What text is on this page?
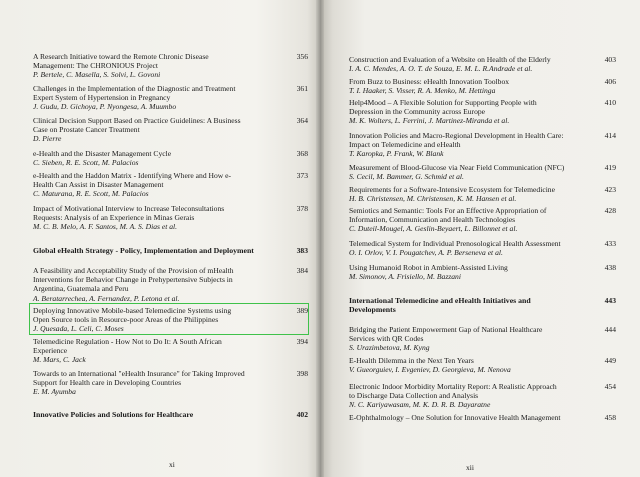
A Research Initiative toward the Remote Chronic Disease
Management: The CHRONIOUS Project
P. Bertele, C. Masella, S. Solvi, L. Govoni
356
Challenges in the Implementation of the Diagnostic and Treatment
Expert System of Hypertension in Pregnancy
J. Gudu, D. Gichoya, P. Nyongesa, A. Muumbo
361
Clinical Decision Support Based on Practice Guidelines: A Business
Case on Prostate Cancer Treatment
D. Pierre
364
e-Health and the Disaster Management Cycle
C. Sieben, R. E. Scott, M. Palacios
368
e-Health and the Haddon Matrix - Identifying Where and How e-
Health Can Assist in Disaster Management
C. Maturana, R. E. Scott, M. Palacios
373
Impact of Motivational Interview to Increase Teleconsultations
Requests: Analysis of an Experience in Minas Gerais
M. C. B. Melo, A. F. Santos, M. A. S. Dias et al.
378
Global eHealth Strategy - Policy, Implementation and Deployment	383
A Feasibility and Acceptability Study of the Provision of mHealth
Interventions for Behavior Change in Prehypertensive Subjects in
Argentina, Guatemala and Peru
A. Beratarrechea, A. Fernandez, P. Letona et al.
384
Deploying Innovative Mobile-based Telemedicine Systems using
Open Source tools in Resource-poor Areas of the Philippines
J. Quesada, L. Celi, C. Moses
389
Telemedicine Regulation - How Not to Do It: A South African
Experience
M. Mars, C. Jack
394
Towards to an International "eHealth Insurance" for Taking Improved
Support for Health care in Developing Countries
E. M. Ayumba
398
Innovative Policies and Solutions for Healthcare	402
xi
Construction and Evaluation of a Website on Health of the Elderly
I. A. C. Mendes, A. O. T. de Souza, E. M. L. R.Andrade et al.
403
From Buzz to Business: eHealth Innovation Toolbox
T. I. Haaker, S. Visser, R. A. Menko, M. Hettinga
406
Help4Mood – A Flexible Solution for Supporting People with
Depression in the Community across Europe
M. K. Wolters, L. Ferrini, J. Martinez-Miranda et al.
410
Innovation Policies and Macro-Regional Development in Health Care:
Impact on Telemedicine and eHealth
T. Karopka, P. Frank, W. Blank
414
Measurement of Blood-Glucose via Near Field Communication (NFC)
S. Cecil, M. Bammer, G. Schmid et al.
419
Requirements for a Software-Intensive Ecosystem for Telemedicine
H. B. Christensen, M. Christensen, K. M. Hansen et al.
423
Semiotics and Semantic: Tools For an Effective Appropriation of
Information, Communication and Health Technologies
C. Duteil-Mougel, A. Geslin-Beyaert, L. Billonnet et al.
428
Telemedical System for Individual Prenosological Health Assessment
O. I. Orlov, V. I. Pougatchev, A. P. Berseneva et al.
433
Using Humanoid Robot in Ambient-Assisted Living
M. Simonov, A. Frisiello, M. Bazzani
438
International Telemedicine and eHealth Initiatives and
Developments
443
Bridging the Patient Empowerment Gap of National Healthcare
Services with QR Codes
S. Urazimbetova, M. Kyng
444
E-Health Dilemma in the Next Ten Years
V. Gueorguiev, I. Evgeniev, D. Georgieva, M. Nenova
449
Electronic Indoor Morbidity Mortality Report: A Realistic Approach
to Discharge Data Collection and Analysis
N. C. Kariyawasam, M. K. D. R. B. Dayaratne
454
E-Ophthalmology – One Solution for Innovative Health Management	458
xii
